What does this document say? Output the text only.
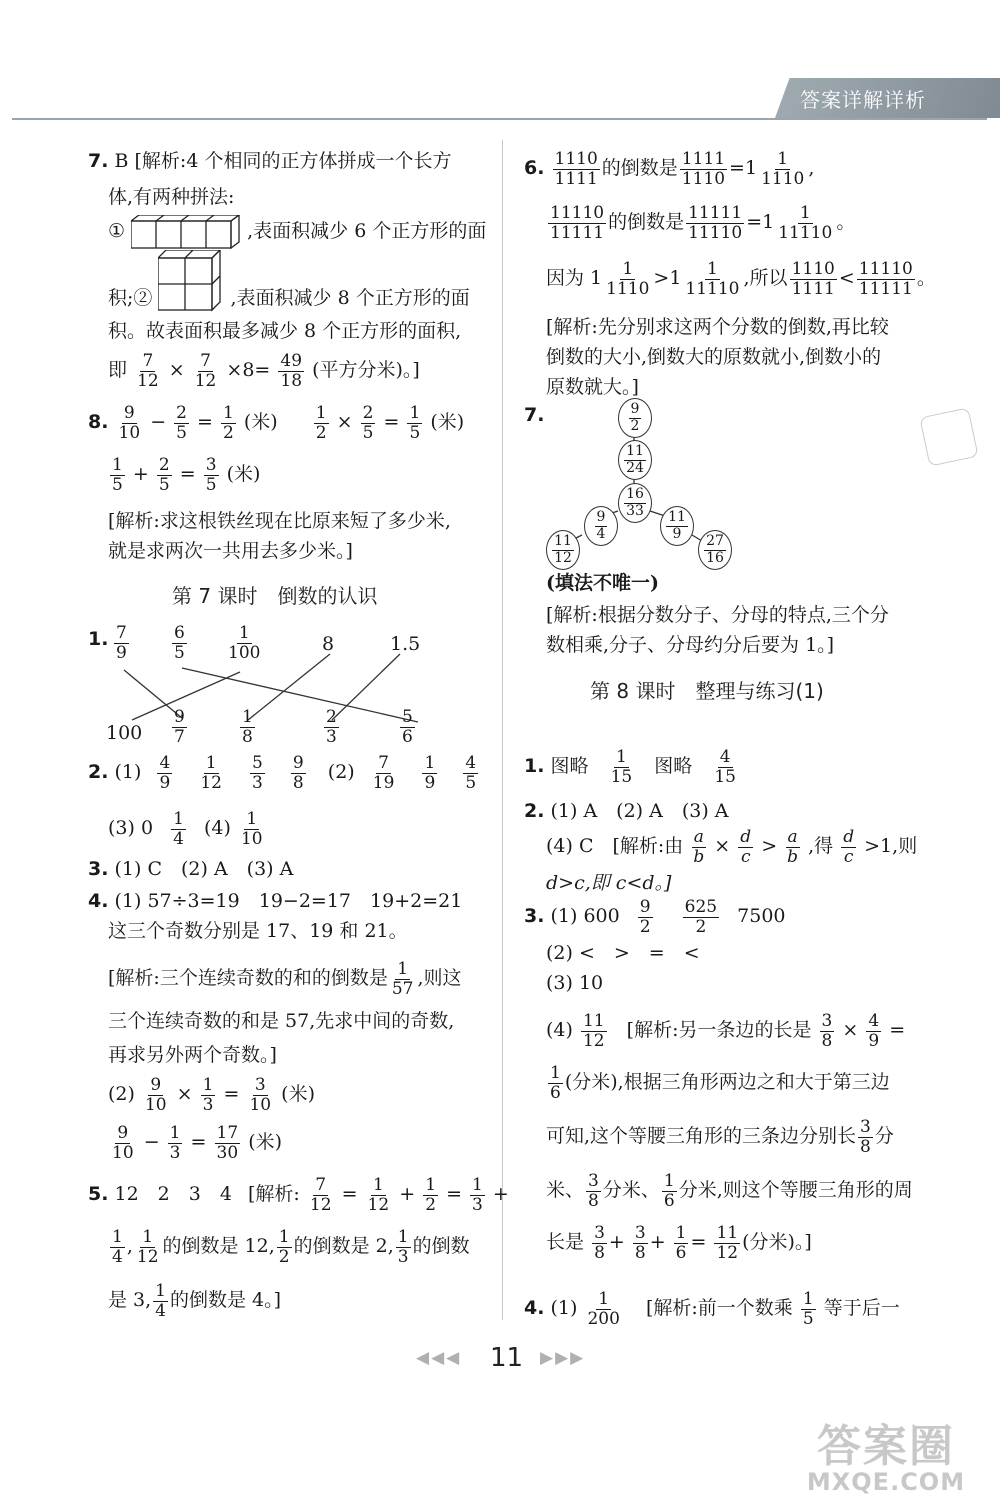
答案详解详析
7. B [解析:4 个相同的正方体拼成一个长方
体,有两种拼法:
①	,表面积减少 6 个正方形的面
积;②	,表面积减少 8 个正方形的面
积。故表面积最多减少 8 个正方形的面积,
即 $\frac{7}{12} \times \frac{7}{12} \times 8= \frac{49}{18}$ (平方分米)。]
8. $\frac{9}{10} - \frac{2}{5} = \frac{1}{2}$ (米) $\frac{1}{2} \times \frac{2}{5} = \frac{1}{5}$ (米)
$\frac{1}{5} + \frac{2}{5} = \frac{3}{5}$ (米)
[解析:求这根铁丝现在比原来短了多少米,
就是求两次一共用去多少米。]
第 7 课时　倒数的认识
1. $\frac{7}{9}$	$\frac{6}{5} \frac{1}{100}$	8	1.5
$100 \frac{9}{7}$	$\frac{1}{8}$	$\frac{2}{3}$	$\frac{5}{6}$
2. $(1) \frac{4}{9}$
$\frac{1}{12}$
$\frac{5}{3}$
$\frac{9}{8} (2) \frac{7}{19}$
$\frac{1}{9}$
$\frac{4}{5}$
(3) $0 \frac{1}{4} (4) \frac{1}{10}$
3. (1) C　(2) A　(3) A
4. (1) 57÷3=19　19−2=17　19+2=21
这三个奇数分别是 17、19 和 21。
[解析:三个连续奇数的和的倒数是 $\frac{1}{57}$ ,则这
三个连续奇数的和是 57,先求中间的奇数,
再求另外两个奇数。]
$(2) \frac{9}{10} \times \frac{1}{3} = \frac{3}{10}$ (米)
$\frac{9}{10} - \frac{1}{3} = \frac{17}{30}$ (米)
5. 12　2　3　4 [解析: $\frac{7}{12} = \frac{1}{12} + \frac{1}{2} = \frac{1}{3}$ +
$\frac{1}{4}$ , $\frac{1}{12}$ 的倒数是 12, $\frac{1}{2}$ 的倒数是 2, $\frac{1}{3}$ 的倒数
是 3, $\frac{1}{4}$ 的倒数是 4。]
6. $\frac{1110}{1111}$ 的倒数是 $\frac{1111}{1110} =1 \frac{1}{1110}$ ,
$\frac{11110}{11111}$ 的倒数是 $\frac{11111}{11110} =1 \frac{1}{11110}$ 。
因为 $1 \frac{1}{1110} >1 \frac{1}{11110}$ ,所以 $\frac{1110}{1111} < \frac{11110}{11111}$ 。
[解析:先分别求这两个分数的倒数,再比较
倒数的大小,倒数大的原数就小,倒数小的
原数就大。]
7.	$\frac{9}{2}$
$\frac{11}{24}$
$\frac{16}{33}$
$\frac{9}{4}$	$\frac{11}{9}$
$\frac{11}{12}$	$\frac{27}{16}$
(填法不唯一)
[解析:根据分数分子、分母的特点,三个分
数相乘,分子、分母约分后要为 1。]
第 8 课时　整理与练习(1)
1. 图略 $\frac{1}{15}$ 图略 $\frac{4}{15}$
2. (1) A　(2) A　(3) A
(4) C　[解析:由 $\frac{a}{b} \times \frac{d}{c} > \frac{a}{b}$ ,得 $\frac{d}{c} >1$,则
d>c,即 c<d。]
3. (1) $600 \frac{9}{2}$
$\frac{625}{2} 7500$
(2) <　>　=　<
(3) 10
$(4) \frac{11}{12}$ [解析:另一条边的长是 $\frac{3}{8} \times \frac{4}{9}$ =
$\frac{1}{6}$ (分米),根据三角形两边之和大于第三边
可知,这个等腰三角形的三条边分别长 $\frac{3}{8}$ 分
米、 $\frac{3}{8}$ 分米、 $\frac{1}{6}$ 分米,则这个等腰三角形的周
长是 $\frac{3}{8} + \frac{3}{8} + \frac{1}{6} = \frac{11}{12}$ (分米)。]
4. $(1) \frac{1}{200}$ [解析:前一个数乘 $\frac{1}{5}$ 等于后一
◀◀◀ 11 ▶▶▶
答案圈
MXQE.COM
